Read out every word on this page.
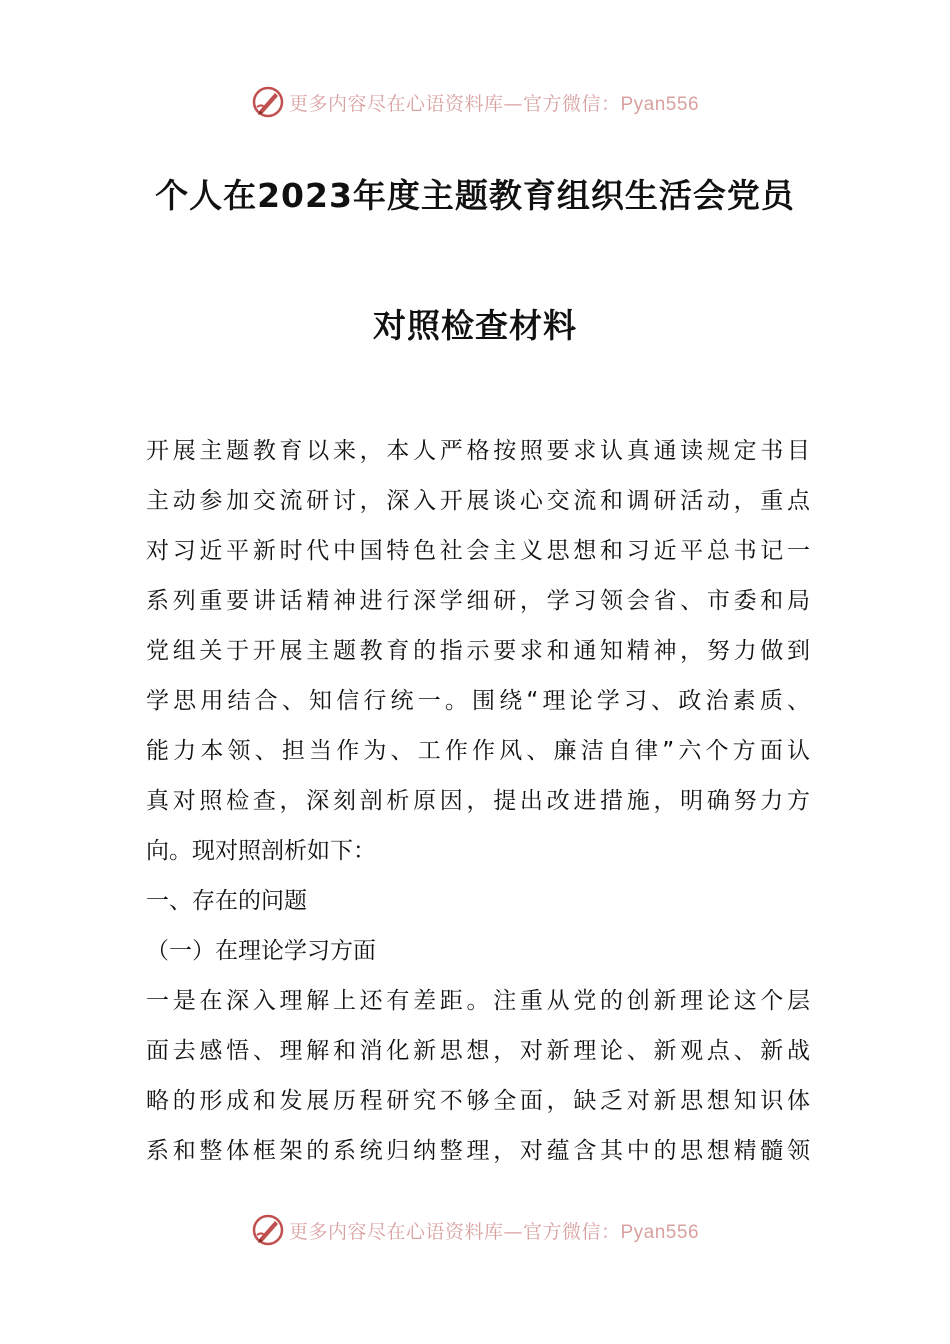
更多内容尽在心语资料库—官方微信：Pyan556
个人在2023年度主题教育组织生活会党员
对照检查材料
开展主题教育以来，本人严格按照要求认真通读规定书目
主动参加交流研讨，深入开展谈心交流和调研活动，重点
对习近平新时代中国特色社会主义思想和习近平总书记一
系列重要讲话精神进行深学细研，学习领会省、市委和局
党组关于开展主题教育的指示要求和通知精神，努力做到
学思用结合、知信行统一。围绕“理论学习、政治素质、
能力本领、担当作为、工作作风、廉洁自律”六个方面认
真对照检查，深刻剖析原因，提出改进措施，明确努力方
向。现对照剖析如下：
一、存在的问题
（一）在理论学习方面
一是在深入理解上还有差距。注重从党的创新理论这个层
面去感悟、理解和消化新思想，对新理论、新观点、新战
略的形成和发展历程研究不够全面，缺乏对新思想知识体
系和整体框架的系统归纳整理，对蕴含其中的思想精髓领
更多内容尽在心语资料库—官方微信：Pyan556
